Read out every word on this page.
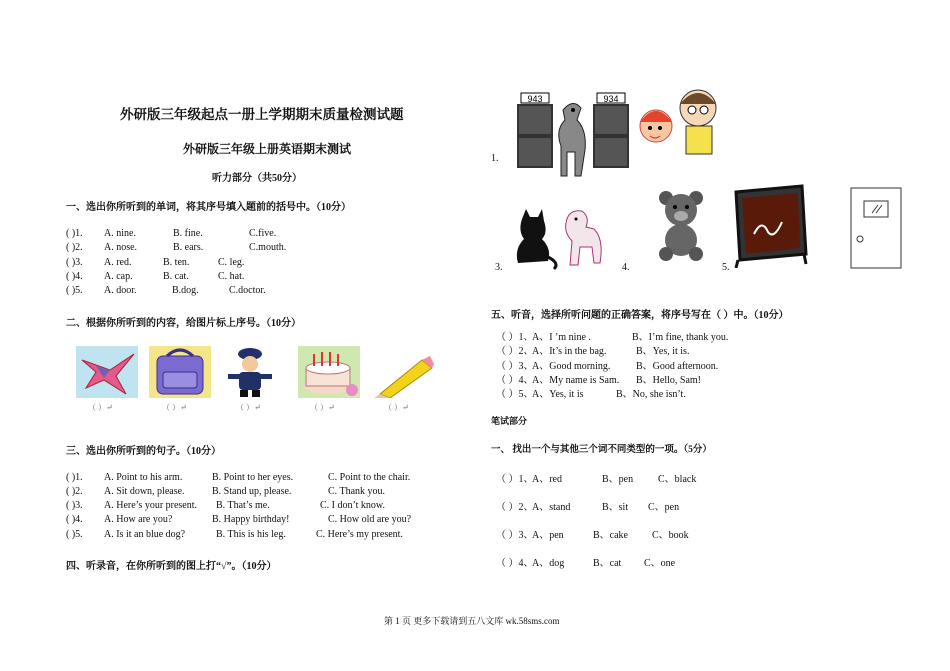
外研版三年级起点一册上学期期末质量检测试题
外研版三年级上册英语期末测试
听力部分（共50分）
一、选出你所听到的单词，将其序号填入题前的括号中。（10分）
( )1. A. nine.	B. fine.	C.five.
( )2. A. nose.	B. ears.	C.mouth.
( )3. A. red.	B. ten.	C. leg.
( )4. A. cap.	B. cat.	C. hat.
( )5. A. door.	B.dog.	C.doctor.
二、根据你所听到的内容，给图片标上序号。（10分）
（ ）↵	（ ）↵	（ ）↵	（ ）↵	（ ）↵
三、选出你所听到的句子。（10分）
( )1. A. Point to his arm.	B. Point to her eyes.	C. Point to the chair.
( )2. A. Sit down, please.	B. Stand up, please.	C. Thank you.
( )3. A. Here’s your present. B. That’s me.	C. I don’t know.
( )4. A. How are you?	B. Happy birthday!	C. How old are you?
( )5. A. Is it an blue dog?	B. This is his leg.	C. Here’s my present.
四、听录音，在你所听到的图上打“√”。（10分）
1.
943	934
3.	4.	5.
五、听音，选择所听问题的正确答案，将序号写在（ ）中。（10分）
（ ）1、
A、I ’m nine .	B、I’m fine, thank you.
（ ）2、
A、It’s in the bag.	B、Yes, it is.
（ ）3、
A、Good morning.	B、Good afternoon.
（ ）4、
A、My name is Sam. B、Hello, Sam!
（ ）5、
A、Yes, it is	B、No, she isn’t.
笔试部分
一、 找出一个与其他三个词不同类型的一项。（5分）
（ ）1、
A、red	B、pen C、black
（ ）2、
A、stand	B、sit C、pen
（ ）3、
A、pen	B、cake C、book
（ ）4、
A、dog	B、cat C、one
第 1 页 更多下载请到五八文库 wk.58sms.com
